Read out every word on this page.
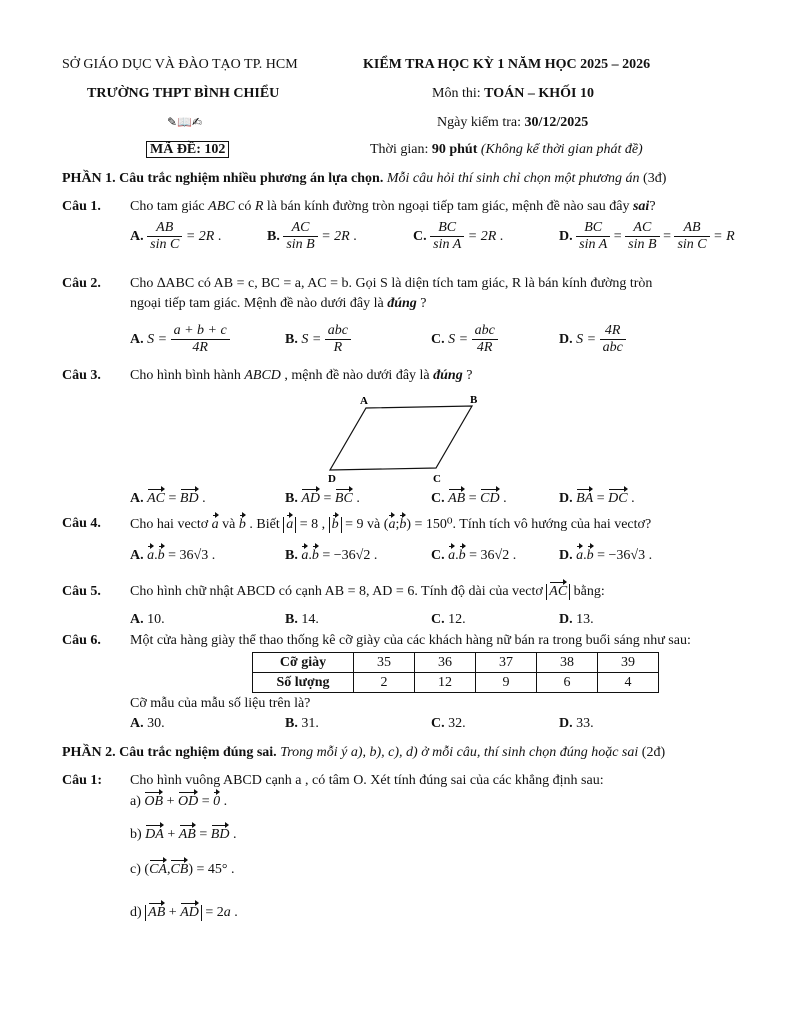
SỞ GIÁO DỤC VÀ ĐÀO TẠO TP. HCM
TRƯỜNG THPT BÌNH CHIỂU
✎📖✍
MÃ ĐỀ: 102
KIỂM TRA HỌC KỲ 1 NĂM HỌC 2025 – 2026
Môn thi: TOÁN – KHỐI 10
Ngày kiểm tra: 30/12/2025
Thời gian: 90 phút (Không kể thời gian phát đề)
PHẦN 1. Câu trắc nghiệm nhiều phương án lựa chọn. Mỗi câu hỏi thí sinh chỉ chọn một phương án (3đ)
Câu 1. Cho tam giác ABC có R là bán kính đường tròn ngoại tiếp tam giác, mệnh đề nào sau đây sai?
A. $\frac{AB}{\text{sin C}} = 2R$ .	B. $\frac{AC}{\text{sin B}} = 2R$ .	C. $\frac{BC}{\text{sin A}} = 2R$ .	D. $\frac{BC}{\text{sin A}} = \frac{AC}{\text{sin B}} = \frac{AB}{\text{sin C}} = R$
Câu 2. Cho ∆ABC có AB = c, BC = a, AC = b. Gọi S là diện tích tam giác, R là bán kính đường tròn
ngoại tiếp tam giác. Mệnh đề nào dưới đây là đúng ?
A. $S = \frac{a + b + c}{4R}$	B. $S = \frac{\text{abc}}{R}$	C. $S = \frac{\text{abc}}{4R}$	D. $S = \frac{4R}{\text{abc}}$
Câu 3. Cho hình bình hành ABCD , mệnh đề nào dưới đây là đúng ?
A	B
C
D
A. AC = BD .	B. AD = BC .	C. AB = CD .	D. BA = DC .
Câu 4. Cho hai vectơ a và b . Biết a = 8 , b = 9 và (a;b) = 150⁰. Tính tích vô hướng của hai vectơ?
A. a.b = 36√3 .	B. a.b = −36√2 .	C. a.b = 36√2 .	D. a.b = −36√3 .
Câu 5. Cho hình chữ nhật ABCD có cạnh AB = 8, AD = 6. Tính độ dài của vectơ AC bằng:
A. 10.	B. 14.	C. 12.	D. 13.
Câu 6. Một cửa hàng giày thể thao thống kê cỡ giày của các khách hàng nữ bán ra trong buổi sáng như sau:
Cỡ giày	35	36	37	38	39
Số lượng	2	12	9	6	4
Cỡ mẫu của mẫu số liệu trên là?
A. 30.	B. 31.	C. 32.	D. 33.
PHẦN 2. Câu trắc nghiệm đúng sai. Trong mỗi ý a), b), c), d) ở mỗi câu, thí sinh chọn đúng hoặc sai (2đ)
Câu 1: Cho hình vuông ABCD cạnh a , có tâm O. Xét tính đúng sai của các khẳng định sau:
a) OB + OD = 0 .
b) DA + AB = BD .
c) (CA,CB) = 45° .
d) AB + AD = 2a .
